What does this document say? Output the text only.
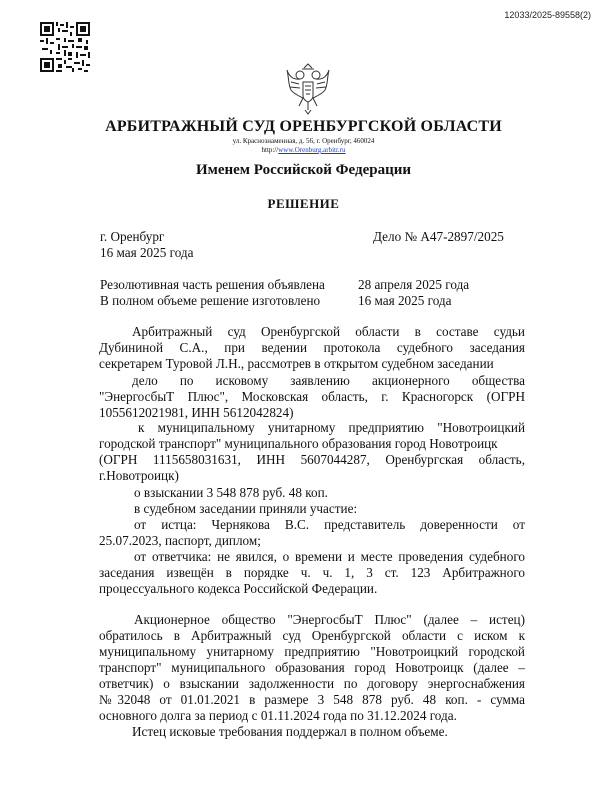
12033/2025-89558(2)
АРБИТРАЖНЫЙ СУД ОРЕНБУРГСКОЙ ОБЛАСТИ
ул. Краснознаменная, д. 56, г. Оренбург, 460024
http://www.Orenburg.arbitr.ru
Именем Российской Федерации
РЕШЕНИЕ
г. Оренбург	Дело № А47-2897/2025
16 мая 2025 года
Резолютивная часть решения объявлена	28 апреля 2025 года
В полном объеме решение изготовлено	16 мая 2025 года
Арбитражный суд Оренбургской области в составе судьи
Дубининой С.А., при ведении протокола судебного заседания
секретарем Туровой Л.Н., рассмотрев в открытом судебном заседании
дело по исковому заявлению акционерного общества
"ЭнергосбыТ Плюс", Московская область, г. Красногорск (ОГРН
1055612021981, ИНН 5612042824)
к муниципальному унитарному предприятию "Новотроицкий
городской транспорт" муниципального образования город Новотроицк
(ОГРН 1115658031631, ИНН 5607044287, Оренбургская область,
г.Новотроицк)
о взыскании 3 548 878 руб. 48 коп.
в судебном заседании приняли участие:
от истца: Чернякова В.С. представитель доверенности от
25.07.2023, паспорт, диплом;
от ответчика: не явился, о времени и месте проведения судебного
заседания извещён в порядке ч. ч. 1, 3 ст. 123 Арбитражного
процессуального кодекса Российской Федерации.
Акционерное общество "ЭнергосбыТ Плюс" (далее – истец)
обратилось в Арбитражный суд Оренбургской области с иском к
муниципальному унитарному предприятию "Новотроицкий городской
транспорт" муниципального образования город Новотроицк (далее –
ответчик) о взыскании задолженности по договору энергоснабжения
№32048 от 01.01.2021 в размере 3 548 878 руб. 48 коп. - сумма
основного долга за период с 01.11.2024 года по 31.12.2024 года.
Истец исковые требования поддержал в полном объеме.
